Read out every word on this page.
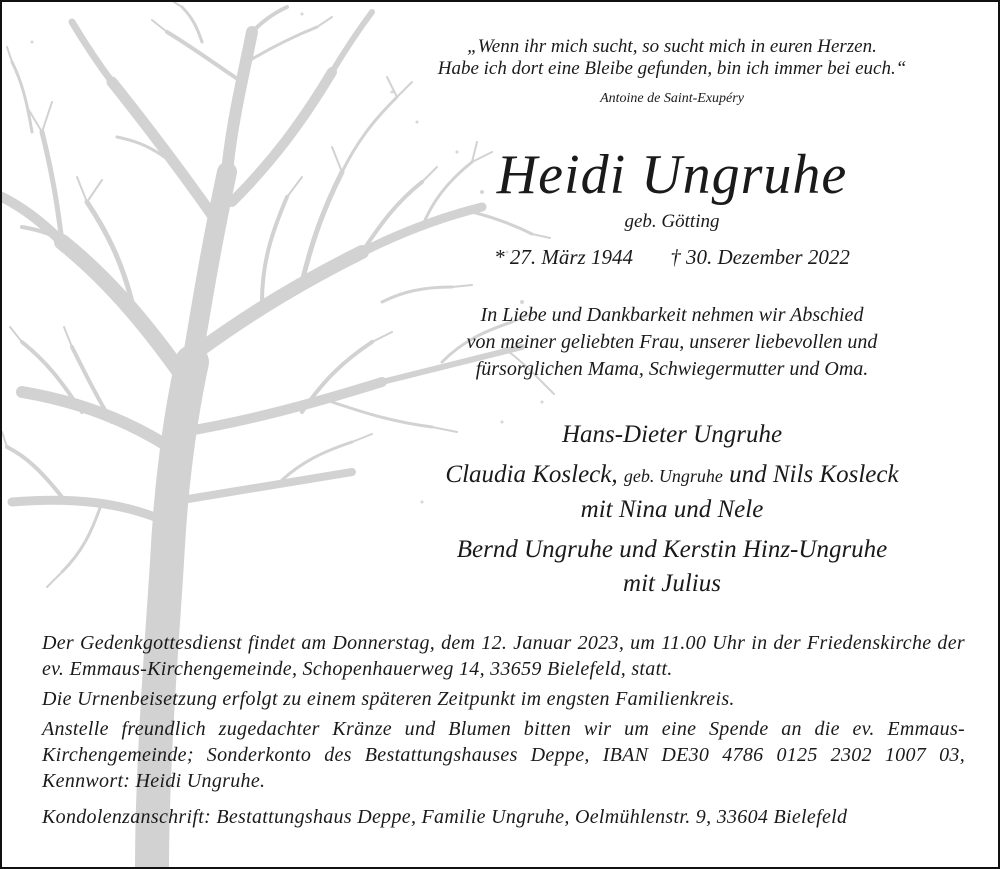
„Wenn ihr mich sucht, so sucht mich in euren Herzen.
Habe ich dort eine Bleibe gefunden, bin ich immer bei euch.“
Antoine de Saint-Exupéry
Heidi Ungruhe
geb. Götting
* 27. März 1944 † 30. Dezember 2022
In Liebe und Dankbarkeit nehmen wir Abschied
von meiner geliebten Frau, unserer liebevollen und
fürsorglichen Mama, Schwiegermutter und Oma.
Hans-Dieter Ungruhe
Claudia Kosleck, geb. Ungruhe und Nils Kosleck
mit Nina und Nele
Bernd Ungruhe und Kerstin Hinz-Ungruhe
mit Julius

Der Gedenkgottesdienst findet am Donnerstag, dem 12. Januar 2023, um 11.00 Uhr in der Friedenskirche der ev. Emmaus-Kirchengemeinde, Schopenhauerweg 14, 33659 Bielefeld, statt.

Die Urnenbeisetzung erfolgt zu einem späteren Zeitpunkt im engsten Familienkreis.

Anstelle freundlich zugedachter Kränze und Blumen bitten wir um eine Spende an die ev. Emmaus-Kirchengemeinde; Sonderkonto des Bestattungshauses Deppe, IBAN DE30 4786 0125 2302 1007 03, Kennwort: Heidi Ungruhe.

Kondolenzanschrift: Bestattungshaus Deppe, Familie Ungruhe, Oelmühlenstr. 9, 33604 Bielefeld
